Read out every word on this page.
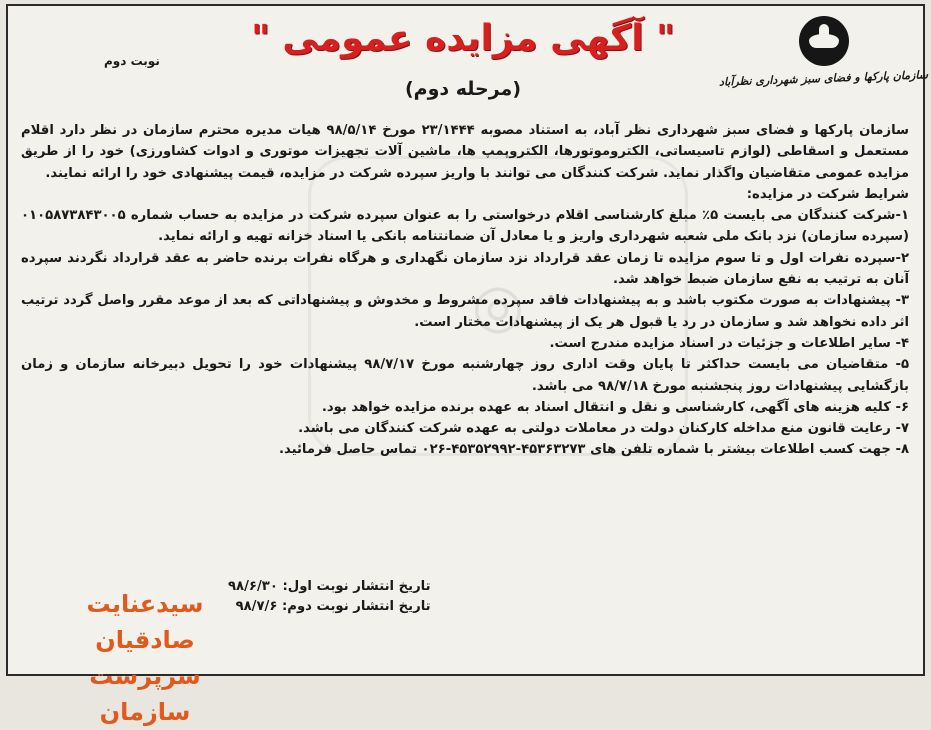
◎
سازمان پارکها و فضای سبز شهرداری نظرآباد
" آگهی مزایده عمومی "
(مرحله دوم)
نوبت دوم

سازمان پارکها و فضای سبز شهرداری نظر آباد، به استناد مصوبه ۲۳/۱۴۴۴ مورخ ۹۸/۵/۱۴ هیات مدیره محترم سازمان در نظر دارد اقلام مستعمل و اسقاطی (لوازم تاسیساتی، الکتروموتورها، الکتروپمپ ها، ماشین آلات تجهیزات موتوری و ادوات کشاورزی) خود را از طریق مزایده عمومی متقاضیان واگذار نماید. شرکت کنندگان می توانند با واریز سپرده شرکت در مزایده، قیمت پیشنهادی خود را ارائه نمایند.

شرایط شرکت در مزایده:

۱-شرکت کنندگان می بایست ۵٪ مبلغ کارشناسی اقلام درخواستی را به عنوان سپرده شرکت در مزایده به حساب شماره ۰۱۰۵۸۷۳۸۴۳۰۰۵ (سپرده سازمان) نزد بانک ملی شعبه شهرداری واریز و یا معادل آن ضمانتنامه بانکی یا اسناد خزانه تهیه و ارائه نماید.

۲-سپرده نفرات اول و تا سوم مزایده تا زمان عقد قرارداد نزد سازمان نگهداری و هرگاه نفرات برنده حاضر به عقد قرارداد نگردند سپرده آنان به ترتیب به نفع سازمان ضبط خواهد شد.

۳- پیشنهادات به صورت مکتوب باشد و به پیشنهادات فاقد سپرده مشروط و مخدوش و پیشنهاداتی که بعد از موعد مقرر واصل گردد ترتیب اثر داده نخواهد شد و سازمان در رد یا قبول هر یک از پیشنهادات مختار است.

۴- سایر اطلاعات و جزئیات در اسناد مزایده مندرج است.

۵- متقاضیان می بایست حداکثر تا پایان وقت اداری روز چهارشنبه مورخ ۹۸/۷/۱۷ پیشنهادات خود را تحویل دبیرخانه سازمان و زمان بازگشایی پیشنهادات روز پنجشنبه مورخ ۹۸/۷/۱۸ می باشد.

۶- کلیه هزینه های آگهی، کارشناسی و نقل و انتقال اسناد به عهده برنده مزایده خواهد بود.

۷- رعایت قانون منع مداخله کارکنان دولت در معاملات دولتی به عهده شرکت کنندگان می باشد.

۸- جهت کسب اطلاعات بیشتر با شماره تلفن های ۴۵۳۶۳۲۷۳-۴۵۳۵۲۹۹۲-۰۲۶ تماس حاصل فرمائید.

تاریخ انتشار نوبت اول: ۹۸/۶/۳۰
تاریخ انتشار نوبت دوم: ۹۸/۷/۶
سیدعنایت صادقیان
سرپرست سازمان
